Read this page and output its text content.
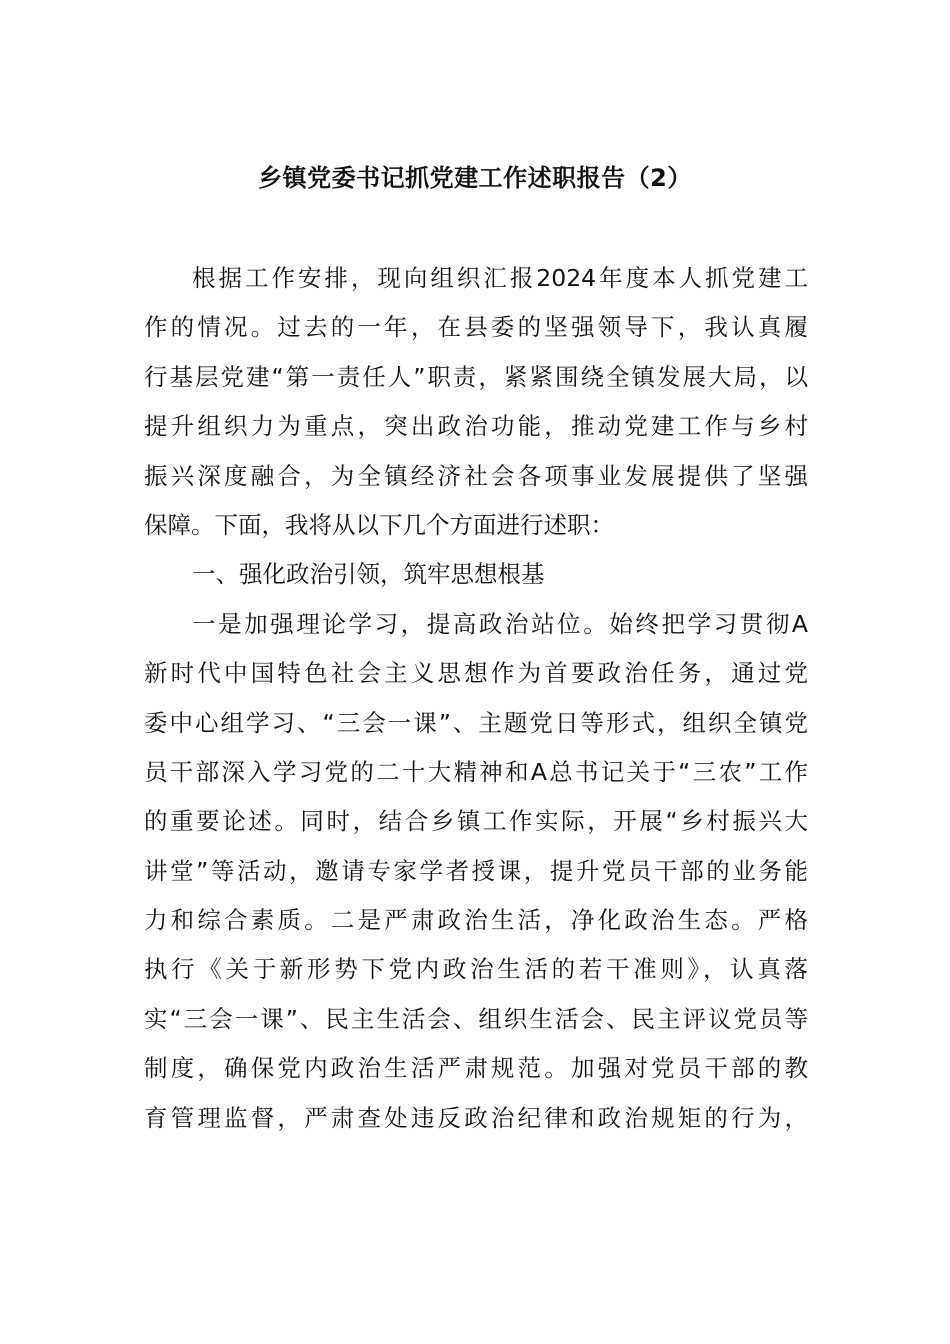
乡镇党委书记抓党建工作述职报告（2）
根据工作安排，现向组织汇报2024年度本人抓党建工
作的情况。过去的一年，在县委的坚强领导下，我认真履
行基层党建“第一责任人”职责，紧紧围绕全镇发展大局，以
提升组织力为重点，突出政治功能，推动党建工作与乡村
振兴深度融合，为全镇经济社会各项事业发展提供了坚强
保障。下面，我将从以下几个方面进行述职：
一、强化政治引领，筑牢思想根基
一是加强理论学习，提高政治站位。始终把学习贯彻A
新时代中国特色社会主义思想作为首要政治任务，通过党
委中心组学习、“三会一课”、主题党日等形式，组织全镇党
员干部深入学习党的二十大精神和A总书记关于“三农”工作
的重要论述。同时，结合乡镇工作实际，开展“乡村振兴大
讲堂”等活动，邀请专家学者授课，提升党员干部的业务能
力和综合素质。二是严肃政治生活，净化政治生态。严格
执行《关于新形势下党内政治生活的若干准则》，认真落
实“三会一课”、民主生活会、组织生活会、民主评议党员等
制度，确保党内政治生活严肃规范。加强对党员干部的教
育管理监督，严肃查处违反政治纪律和政治规矩的行为，
